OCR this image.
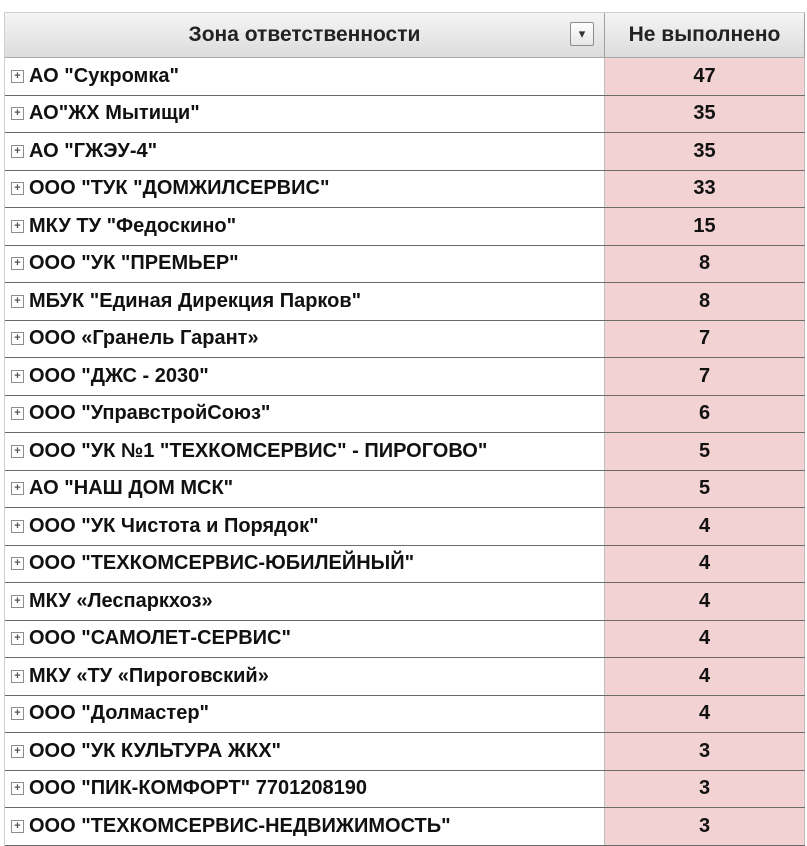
Зона ответственности	▾	Не выполнено
+ АО "Сукромка"	47
+ АО"ЖХ Мытищи"	35
+ АО "ГЖЭУ-4"	35
+ ООО "ТУК "ДОМЖИЛСЕРВИС"	33
+ МКУ ТУ "Федоскино"	15
+ ООО "УК "ПРЕМЬЕР"	8
+ МБУК "Единая Дирекция Парков"	8
+ ООО «Гранель Гарант»	7
+ ООО "ДЖС - 2030"	7
+ ООО "УправстройСоюз"	6
+ ООО "УК №1 "ТЕХКОМСЕРВИС" - ПИРОГОВО"	5
+ АО "НАШ ДОМ МСК"	5
+ ООО "УК Чистота и Порядок"	4
+ ООО "ТЕХКОМСЕРВИС-ЮБИЛЕЙНЫЙ"	4
+ МКУ «Леспаркхоз»	4
+ ООО "САМОЛЕТ-СЕРВИС"	4
+ МКУ «ТУ «Пироговский»	4
+ ООО "Долмастер"	4
+ ООО "УК КУЛЬТУРА ЖКХ"	3
+ ООО "ПИК-КОМФОРТ" 7701208190	3
+ ООО "ТЕХКОМСЕРВИС-НЕДВИЖИМОСТЬ"	3
